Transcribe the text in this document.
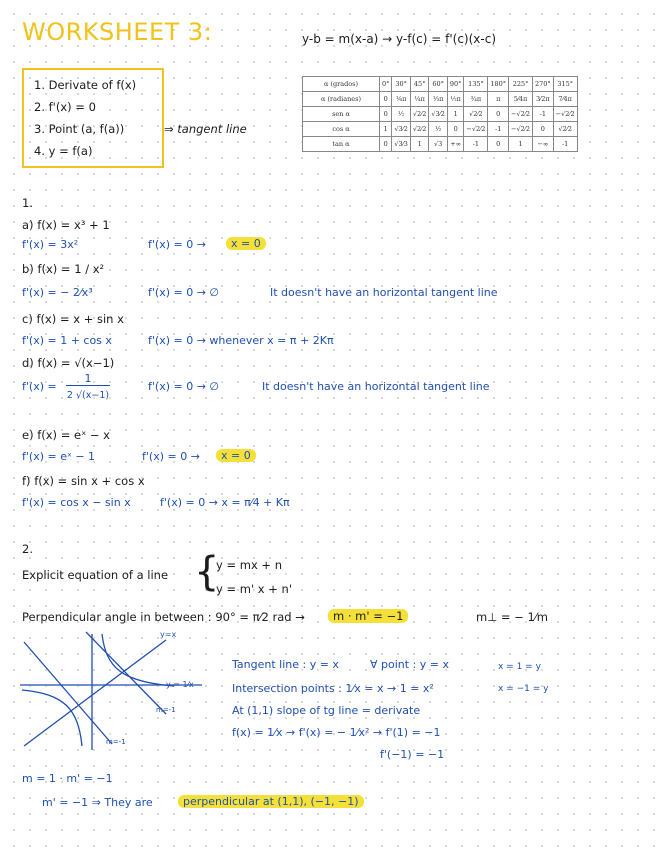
WORKSHEET 3:	y-b = m(x-a) → y-f(c) = f'(c)(x-c)
1. Derivate of f(x)
2. f'(x) = 0
3. Point (a, f(a))
4. y = f(a)
⇒ tangent line
α (grados)	0°	30°	45°	60°	90°	135°	180°	225°	270°	315°
α (radianes)	0	⅙π	¼π	⅓π	½π	¾π	π	5⁄4π	3⁄2π	7⁄4π
sen α	0	½	√2⁄2	√3⁄2	1	√2⁄2	0	−√2⁄2	-1	−√2⁄2
cos α	1	√3⁄2	√2⁄2	½	0	−√2⁄2	-1	−√2⁄2	0	√2⁄2
tan α	0	√3⁄3	1	√3	+∞	-1	0	1	−∞	-1
1.
a) f(x) = x³ + 1
f'(x) = 3x²	f'(x) = 0 →	x = 0
b) f(x) = 1 / x²
f'(x) = − 2⁄x³	f'(x) = 0 → ∅	It doesn't have an horizontal tangent line
c) f(x) = x + sin x
f'(x) = 1 + cos x	f'(x) = 0 → whenever x = π + 2Kπ
d) f(x) = √(x−1)
f'(x) =
1
2 √(x−1)
f'(x) = 0 → ∅	It doesn't have an horizontal tangent line
e) f(x) = eˣ − x
f'(x) = eˣ − 1	f'(x) = 0 →	x = 0
f) f(x) = sin x + cos x
f'(x) = cos x − sin x	f'(x) = 0 → x = π⁄4 + Kπ
2.
Explicit equation of a line {
y = mx + n
y = m' x + n'
Perpendicular angle in between : 90° = π⁄2 rad →	m · m' = −1	m⊥ = − 1⁄m
y=x
y = 1⁄x
m=-1
m=-1
Tangent line : y = x	∀ point : y = x
Intersection points : 1⁄x = x → 1 = x²
x = 1 = y
x = −1 = y
At (1,1) slope of tg line = derivate
f(x) = 1⁄x → f'(x) = − 1⁄x² → f'(1) = −1
f'(−1) = −1
m = 1 · m' = −1
m' = −1 ⇒ They are	perpendicular at (1,1), (−1, −1)
